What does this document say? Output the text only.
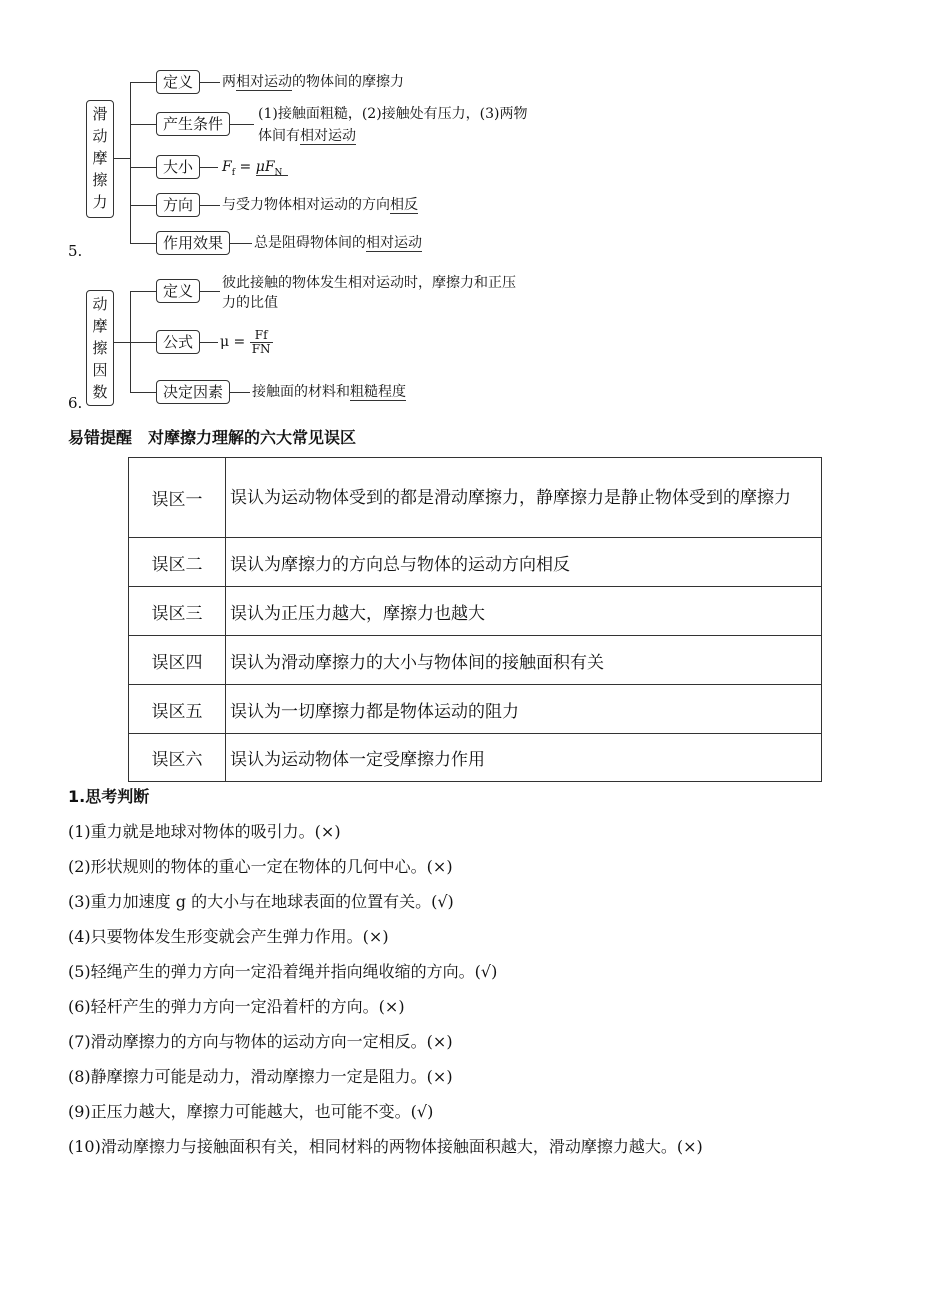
滑
动
摩
擦
力
定义	两相对运动的物体间的摩擦力
产生条件
(1)接触面粗糙，(2)接触处有压力，(3)两物
体间有相对运动
大小	$F_f = \mu F_N$
方向	与受力物体相对运动的方向相反
作用效果	总是阻碍物体间的相对运动
5.
动
摩
擦
因
数
定义	彼此接触的物体发生相对运动时，摩擦力和正压
力的比值
公式	$\mu = \frac{Ff}{FN}$
决定因素	接触面的材料和粗糙程度
6.
易错提醒　对摩擦力理解的六大常见误区
误区一	误认为运动物体受到的都是滑动摩擦力，静摩擦力是静止物体受到的摩擦力
误区二	误认为摩擦力的方向总与物体的运动方向相反
误区三	误认为正压力越大，摩擦力也越大
误区四	误认为滑动摩擦力的大小与物体间的接触面积有关
误区五	误认为一切摩擦力都是物体运动的阻力
误区六	误认为运动物体一定受摩擦力作用
1.思考判断
(1)重力就是地球对物体的吸引力。(×)
(2)形状规则的物体的重心一定在物体的几何中心。(×)
(3)重力加速度 g 的大小与在地球表面的位置有关。(√)
(4)只要物体发生形变就会产生弹力作用。(×)
(5)轻绳产生的弹力方向一定沿着绳并指向绳收缩的方向。(√)
(6)轻杆产生的弹力方向一定沿着杆的方向。(×)
(7)滑动摩擦力的方向与物体的运动方向一定相反。(×)
(8)静摩擦力可能是动力，滑动摩擦力一定是阻力。(×)
(9)正压力越大，摩擦力可能越大，也可能不变。(√)
(10)滑动摩擦力与接触面积有关，相同材料的两物体接触面积越大，滑动摩擦力越大。(×)
